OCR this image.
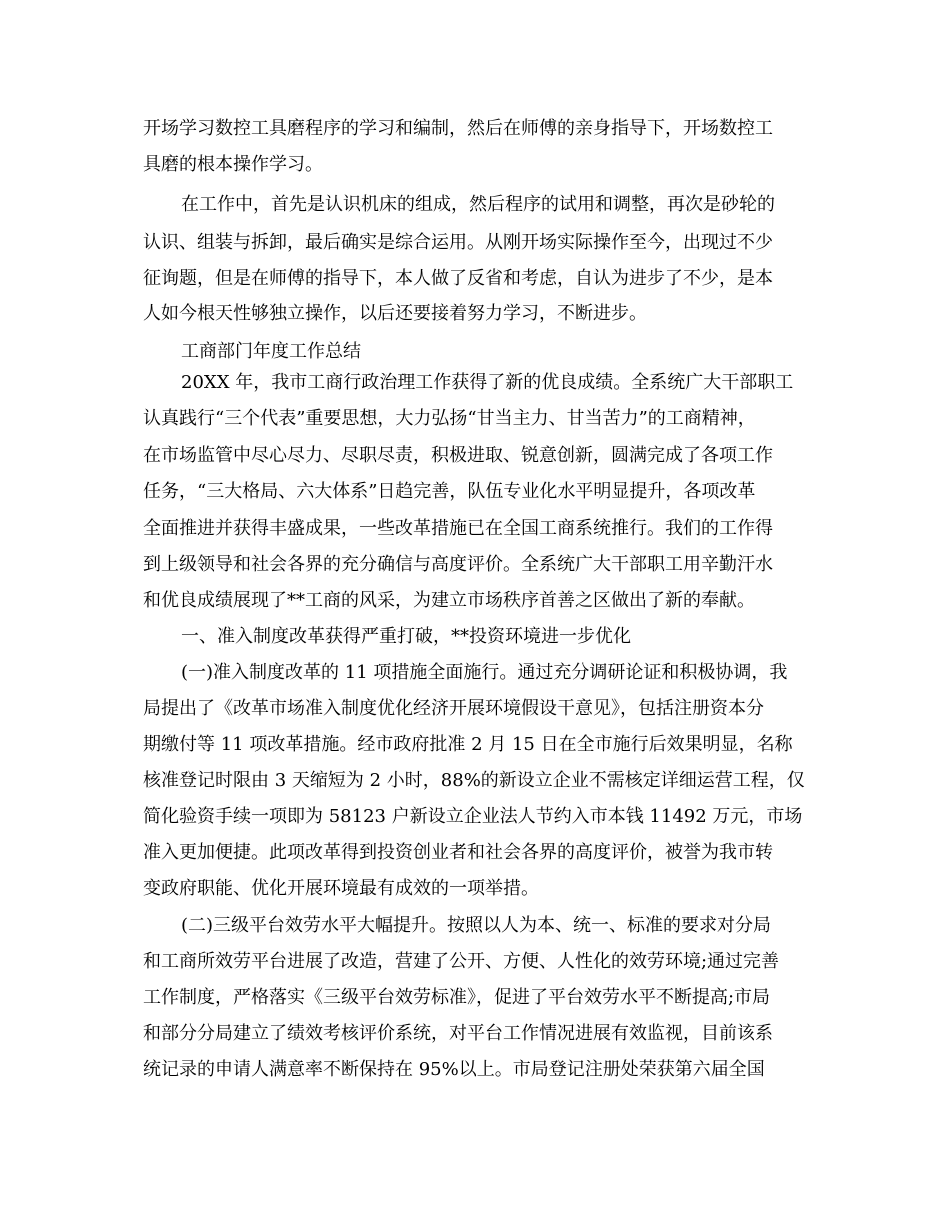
开场学习数控工具磨程序的学习和编制，然后在师傅的亲身指导下，开场数控工
具磨的根本操作学习。
在工作中，首先是认识机床的组成，然后程序的试用和调整，再次是砂轮的
认识、组装与拆卸，最后确实是综合运用。从刚开场实际操作至今，出现过不少
征询题，但是在师傅的指导下，本人做了反省和考虑，自认为进步了不少，是本
人如今根天性够独立操作，以后还要接着努力学习，不断进步。
工商部门年度工作总结
20XX 年，我市工商行政治理工作获得了新的优良成绩。全系统广大干部职工
认真践行“三个代表”重要思想，大力弘扬“甘当主力、甘当苦力”的工商精神，
在市场监管中尽心尽力、尽职尽责，积极进取、锐意创新，圆满完成了各项工作
任务，“三大格局、六大体系”日趋完善，队伍专业化水平明显提升，各项改革
全面推进并获得丰盛成果，一些改革措施已在全国工商系统推行。我们的工作得
到上级领导和社会各界的充分确信与高度评价。全系统广大干部职工用辛勤汗水
和优良成绩展现了**工商的风采，为建立市场秩序首善之区做出了新的奉献。
一、准入制度改革获得严重打破，**投资环境进一步优化
(一)准入制度改革的 11 项措施全面施行。通过充分调研论证和积极协调，我
局提出了《改革市场准入制度优化经济开展环境假设干意见》，包括注册资本分
期缴付等 11 项改革措施。经市政府批准 2 月 15 日在全市施行后效果明显，名称
核准登记时限由 3 天缩短为 2 小时，88%的新设立企业不需核定详细运营工程，仅
简化验资手续一项即为 58123 户新设立企业法人节约入市本钱 11492 万元，市场
准入更加便捷。此项改革得到投资创业者和社会各界的高度评价，被誉为我市转
变政府职能、优化开展环境最有成效的一项举措。
(二)三级平台效劳水平大幅提升。按照以人为本、统一、标准的要求对分局
和工商所效劳平台进展了改造，营建了公开、方便、人性化的效劳环境;通过完善
工作制度，严格落实《三级平台效劳标准》，促进了平台效劳水平不断提高;市局
和部分分局建立了绩效考核评价系统，对平台工作情况进展有效监视，目前该系
统记录的申请人满意率不断保持在 95%以上。市局登记注册处荣获第六届全国
